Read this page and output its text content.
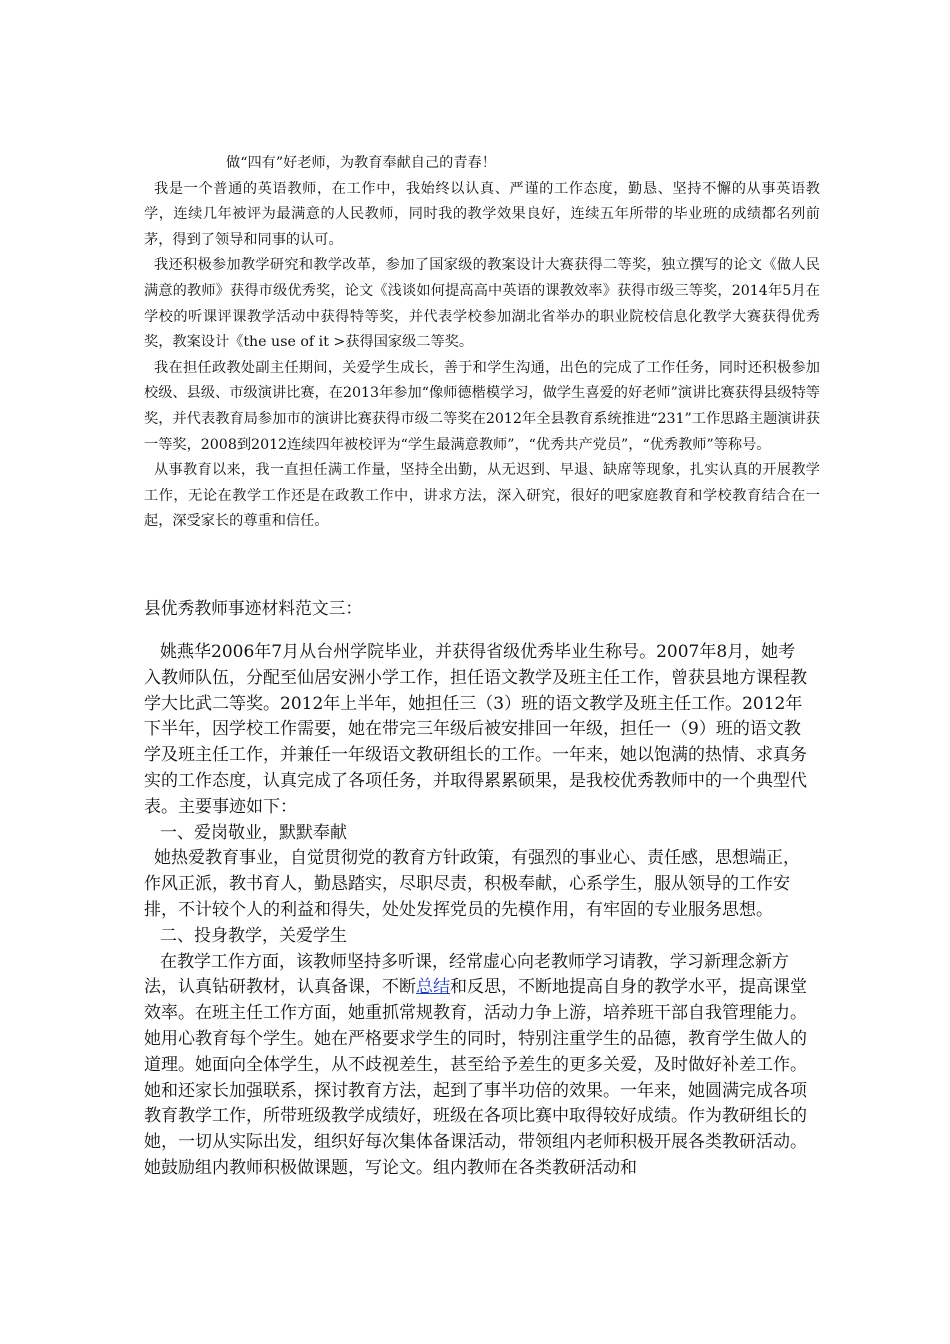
做“四有”好老师，为教育奉献自己的青春！

我是一个普通的英语教师，在工作中，我始终以认真、严谨的工作态度，勤恳、坚持不懈的从事英语教学，连续几年被评为最满意的人民教师，同时我的教学效果良好，连续五年所带的毕业班的成绩都名列前茅，得到了领导和同事的认可。

我还积极参加教学研究和教学改革，参加了国家级的教案设计大赛获得二等奖，独立撰写的论文《做人民满意的教师》获得市级优秀奖，论文《浅谈如何提高高中英语的课教效率》获得市级三等奖，2014年5月在学校的听课评课教学活动中获得特等奖，并代表学校参加湖北省举办的职业院校信息化教学大赛获得优秀奖，教案设计《the use of it >获得国家级二等奖。

我在担任政教处副主任期间，关爱学生成长，善于和学生沟通，出色的完成了工作任务，同时还积极参加校级、县级、市级演讲比赛，在2013年参加“像师德楷模学习，做学生喜爱的好老师”演讲比赛获得县级特等奖，并代表教育局参加市的演讲比赛获得市级二等奖在2012年全县教育系统推进“231”工作思路主题演讲获一等奖，2008到2012连续四年被校评为“学生最满意教师”，“优秀共产党员”，“优秀教师”等称号。

从事教育以来，我一直担任满工作量，坚持全出勤，从无迟到、早退、缺席等现象，扎实认真的开展教学工作，无论在教学工作还是在政教工作中，讲求方法，深入研究，很好的吧家庭教育和学校教育结合在一起，深受家长的尊重和信任。

县优秀教师事迹材料范文三：

姚燕华2006年7月从台州学院毕业，并获得省级优秀毕业生称号。2007年8月，她考入教师队伍，分配至仙居安洲小学工作，担任语文教学及班主任工作，曾获县地方课程教学大比武二等奖。2012年上半年，她担任三（3）班的语文教学及班主任工作。2012年下半年，因学校工作需要，她在带完三年级后被安排回一年级，担任一（9）班的语文教学及班主任工作，并兼任一年级语文教研组长的工作。一年来，她以饱满的热情、求真务实的工作态度，认真完成了各项任务，并取得累累硕果，是我校优秀教师中的一个典型代表。主要事迹如下：

一、爱岗敬业，默默奉献

她热爱教育事业，自觉贯彻党的教育方针政策，有强烈的事业心、责任感，思想端正，作风正派，教书育人，勤恳踏实，尽职尽责，积极奉献，心系学生，服从领导的工作安排，不计较个人的利益和得失，处处发挥党员的先模作用，有牢固的专业服务思想。

二、投身教学，关爱学生

在教学工作方面，该教师坚持多听课，经常虚心向老教师学习请教，学习新理念新方法，认真钻研教材，认真备课，不断总结和反思，不断地提高自身的教学水平，提高课堂效率。在班主任工作方面，她重抓常规教育，活动力争上游，培养班干部自我管理能力。她用心教育每个学生。她在严格要求学生的同时，特别注重学生的品德，教育学生做人的道理。她面向全体学生，从不歧视差生，甚至给予差生的更多关爱，及时做好补差工作。她和还家长加强联系，探讨教育方法，起到了事半功倍的效果。一年来，她圆满完成各项教育教学工作，所带班级教学成绩好，班级在各项比赛中取得较好成绩。作为教研组长的她，一切从实际出发，组织好每次集体备课活动，带领组内老师积极开展各类教研活动。她鼓励组内教师积极做课题，写论文。组内教师在各类教研活动和
